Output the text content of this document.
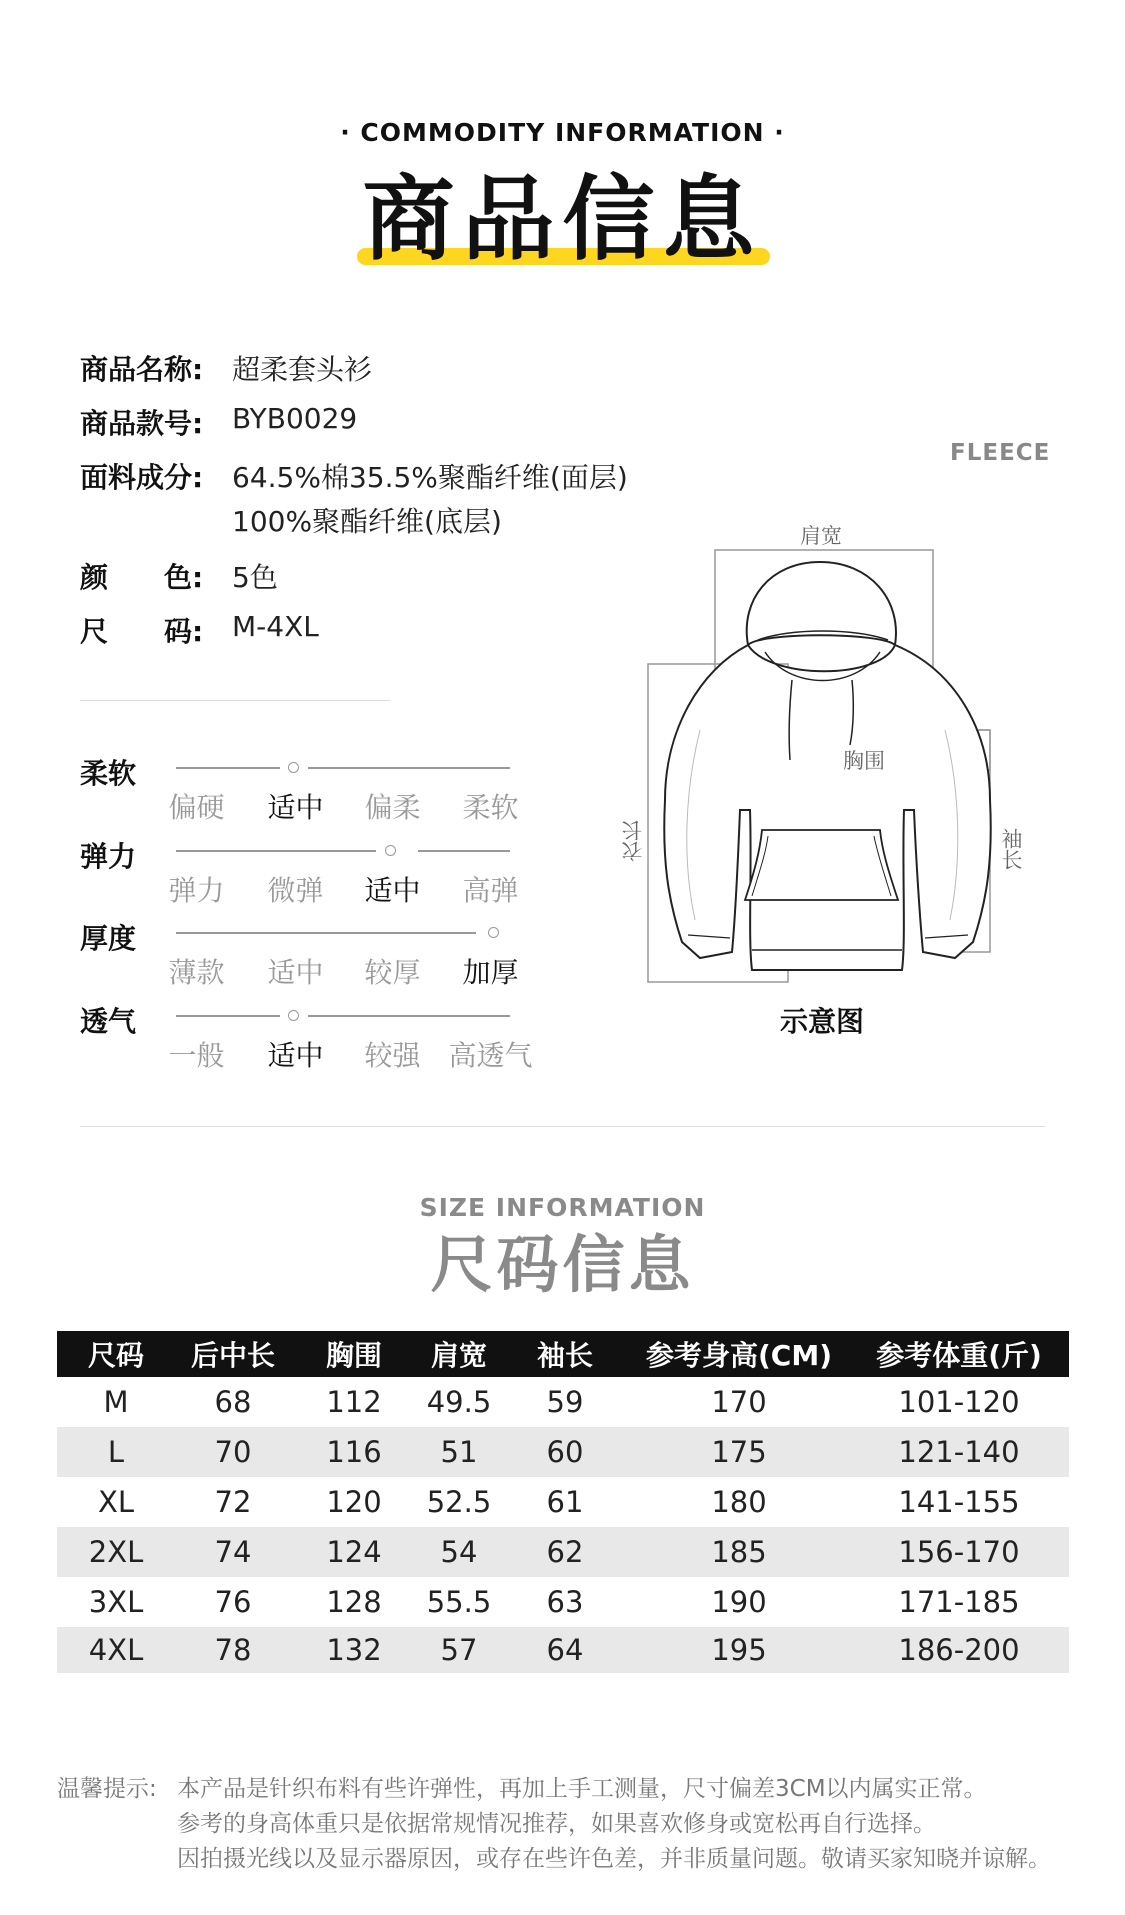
· COMMODITY INFORMATION ·
商品信息
商品名称: 超柔套头衫
商品款号: BYB0029
面料成分: 64.5%棉35.5%聚酯纤维(面层)
100%聚酯纤维(底层)
颜　　色: 5色
尺　　码: M-4XL
柔软
偏硬	适中	偏柔	柔软
弹力
弹力	微弹	适中	高弹
厚度
薄款	适中	较厚	加厚
透气
一般	适中	较强 高透气
FLEECE
肩宽
胸围
衣长	袖长
示意图
SIZE INFORMATION
尺码信息
尺码	后中长	胸围	肩宽	袖长	参考身高(CM)	参考体重(斤)
M	68	112	49.5	59	170	101-120
L	70	116	51	60	175	121-140
XL	72	120	52.5	61	180	141-155
2XL	74	124	54	62	185	156-170
3XL	76	128	55.5	63	190	171-185
4XL	78	132	57	64	195	186-200
温馨提示: 本产品是针织布料有些许弹性，再加上手工测量，尺寸偏差3CM以内属实正常。
参考的身高体重只是依据常规情况推荐，如果喜欢修身或宽松再自行选择。
因拍摄光线以及显示器原因，或存在些许色差，并非质量问题。敬请买家知晓并谅解。
